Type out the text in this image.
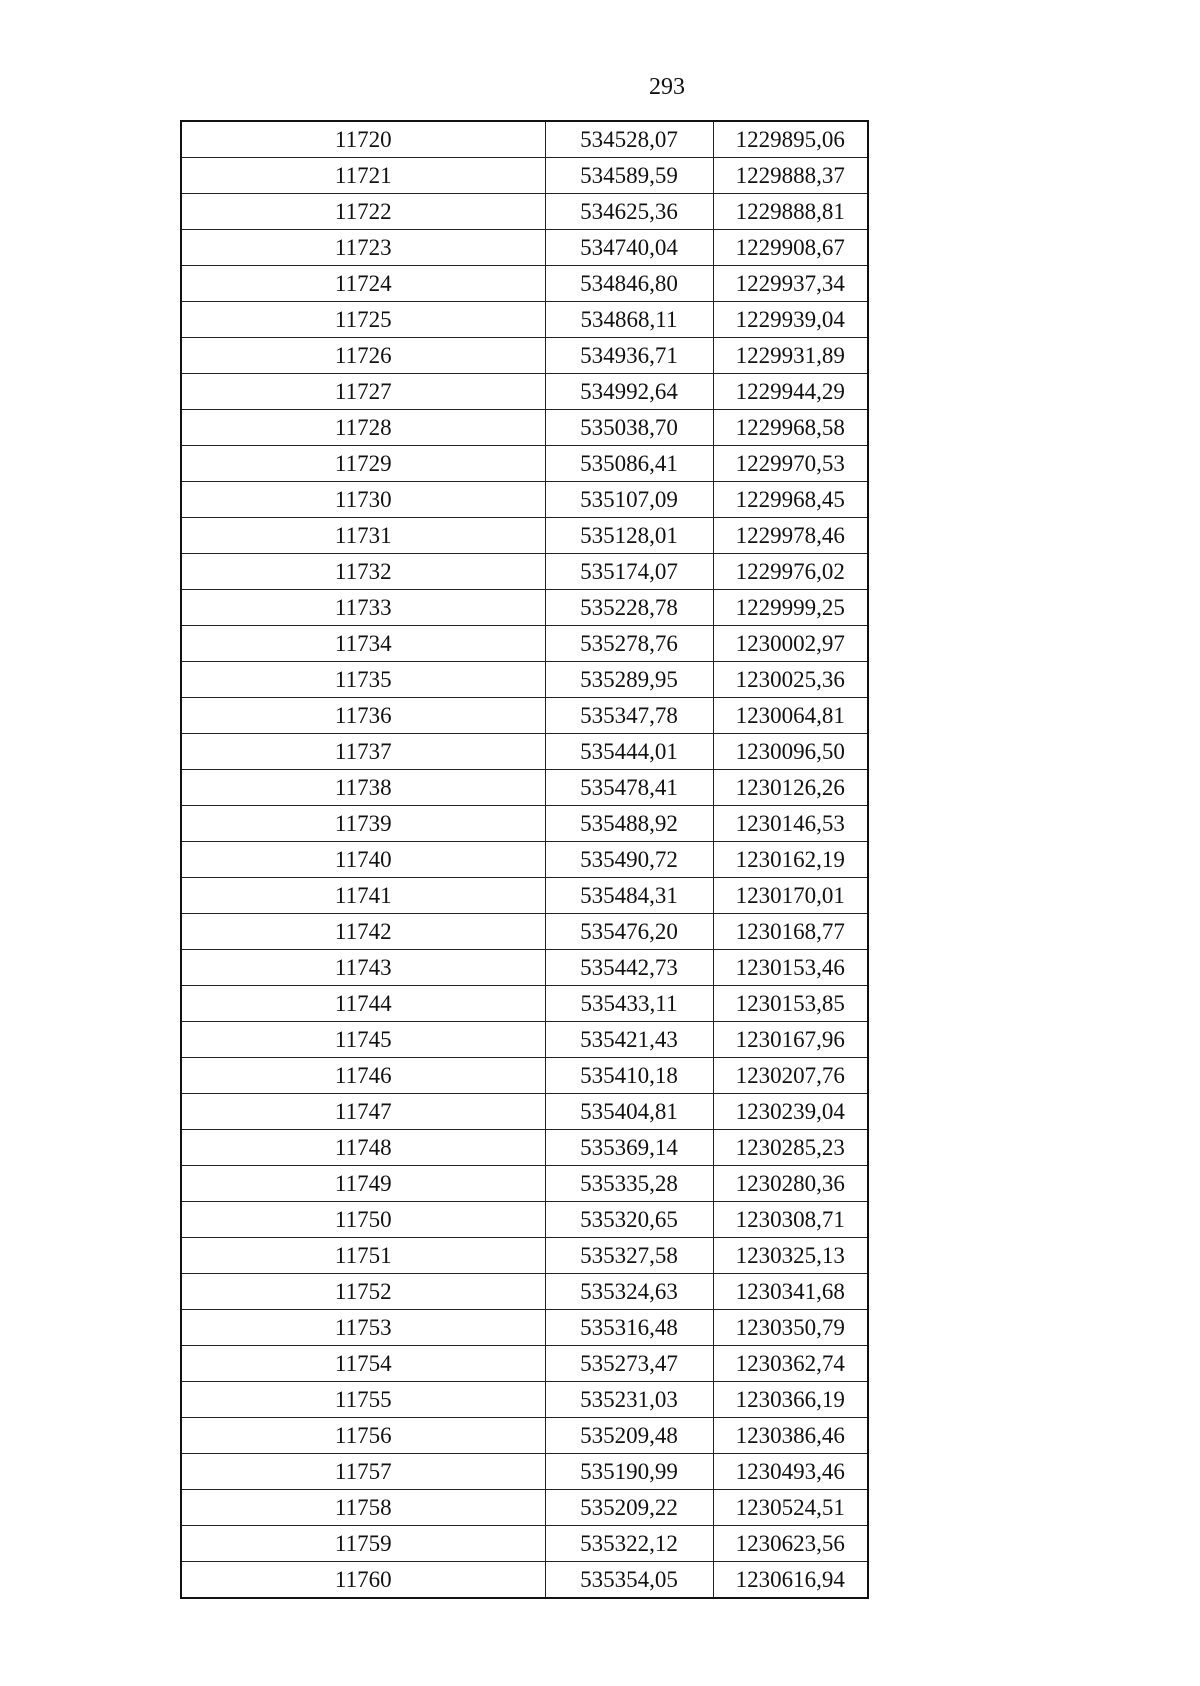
293
11720	534528,07	1229895,06
11721	534589,59	1229888,37
11722	534625,36	1229888,81
11723	534740,04	1229908,67
11724	534846,80	1229937,34
11725	534868,11	1229939,04
11726	534936,71	1229931,89
11727	534992,64	1229944,29
11728	535038,70	1229968,58
11729	535086,41	1229970,53
11730	535107,09	1229968,45
11731	535128,01	1229978,46
11732	535174,07	1229976,02
11733	535228,78	1229999,25
11734	535278,76	1230002,97
11735	535289,95	1230025,36
11736	535347,78	1230064,81
11737	535444,01	1230096,50
11738	535478,41	1230126,26
11739	535488,92	1230146,53
11740	535490,72	1230162,19
11741	535484,31	1230170,01
11742	535476,20	1230168,77
11743	535442,73	1230153,46
11744	535433,11	1230153,85
11745	535421,43	1230167,96
11746	535410,18	1230207,76
11747	535404,81	1230239,04
11748	535369,14	1230285,23
11749	535335,28	1230280,36
11750	535320,65	1230308,71
11751	535327,58	1230325,13
11752	535324,63	1230341,68
11753	535316,48	1230350,79
11754	535273,47	1230362,74
11755	535231,03	1230366,19
11756	535209,48	1230386,46
11757	535190,99	1230493,46
11758	535209,22	1230524,51
11759	535322,12	1230623,56
11760	535354,05	1230616,94
